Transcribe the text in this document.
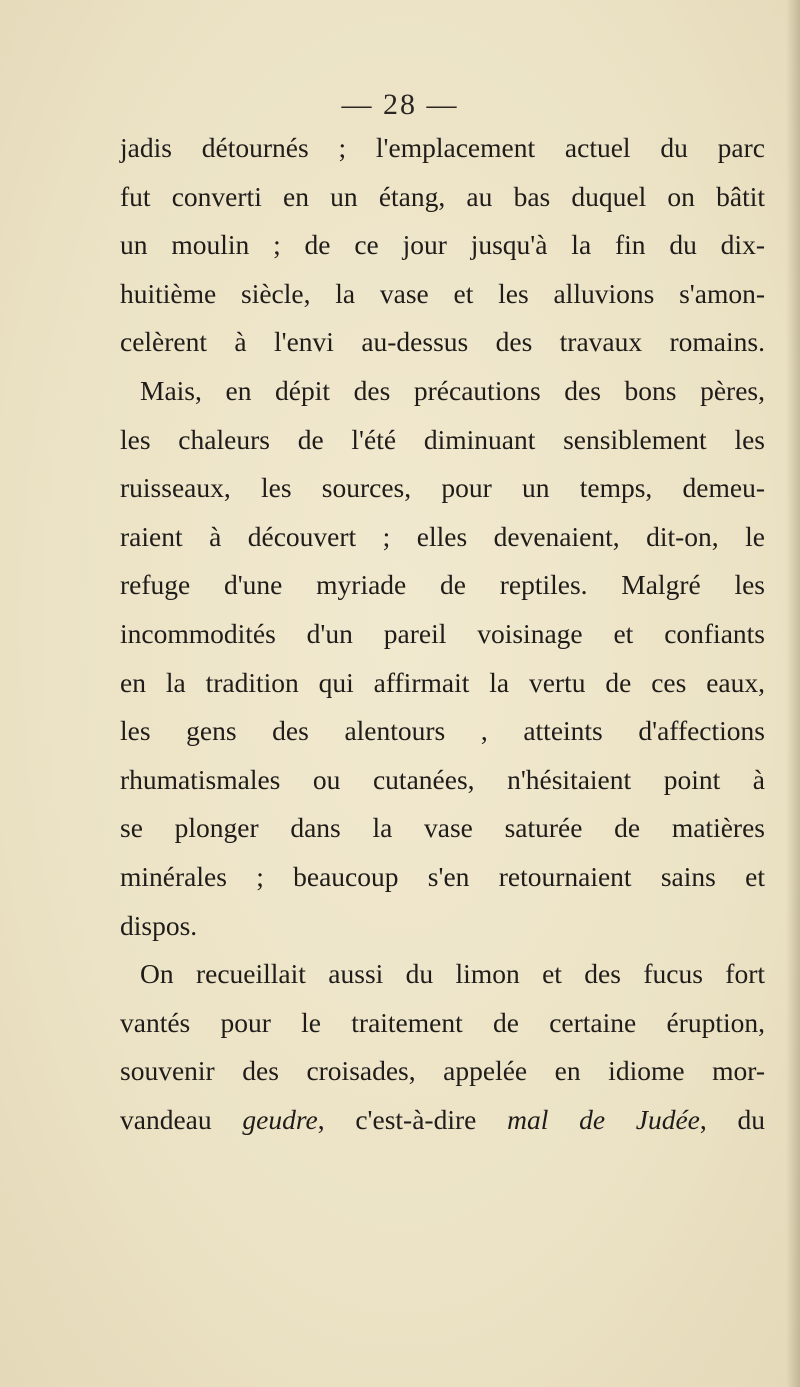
— 28 —
jadis détournés ; l'emplacement actuel du parc
fut converti en un étang, au bas duquel on bâtit
un moulin ; de ce jour jusqu'à la fin du dix-
huitième siècle, la vase et les alluvions s'amon-
celèrent à l'envi au-dessus des travaux romains.
Mais, en dépit des précautions des bons pères,
les chaleurs de l'été diminuant sensiblement les
ruisseaux, les sources, pour un temps, demeu-
raient à découvert ; elles devenaient, dit-on, le
refuge d'une myriade de reptiles. Malgré les
incommodités d'un pareil voisinage et confiants
en la tradition qui affirmait la vertu de ces eaux,
les gens des alentours , atteints d'affections
rhumatismales ou cutanées, n'hésitaient point à
se plonger dans la vase saturée de matières
minérales ; beaucoup s'en retournaient sains et
dispos.
On recueillait aussi du limon et des fucus fort
vantés pour le traitement de certaine éruption,
souvenir des croisades, appelée en idiome mor-
vandeau geudre, c'est-à-dire mal de Judée, du
